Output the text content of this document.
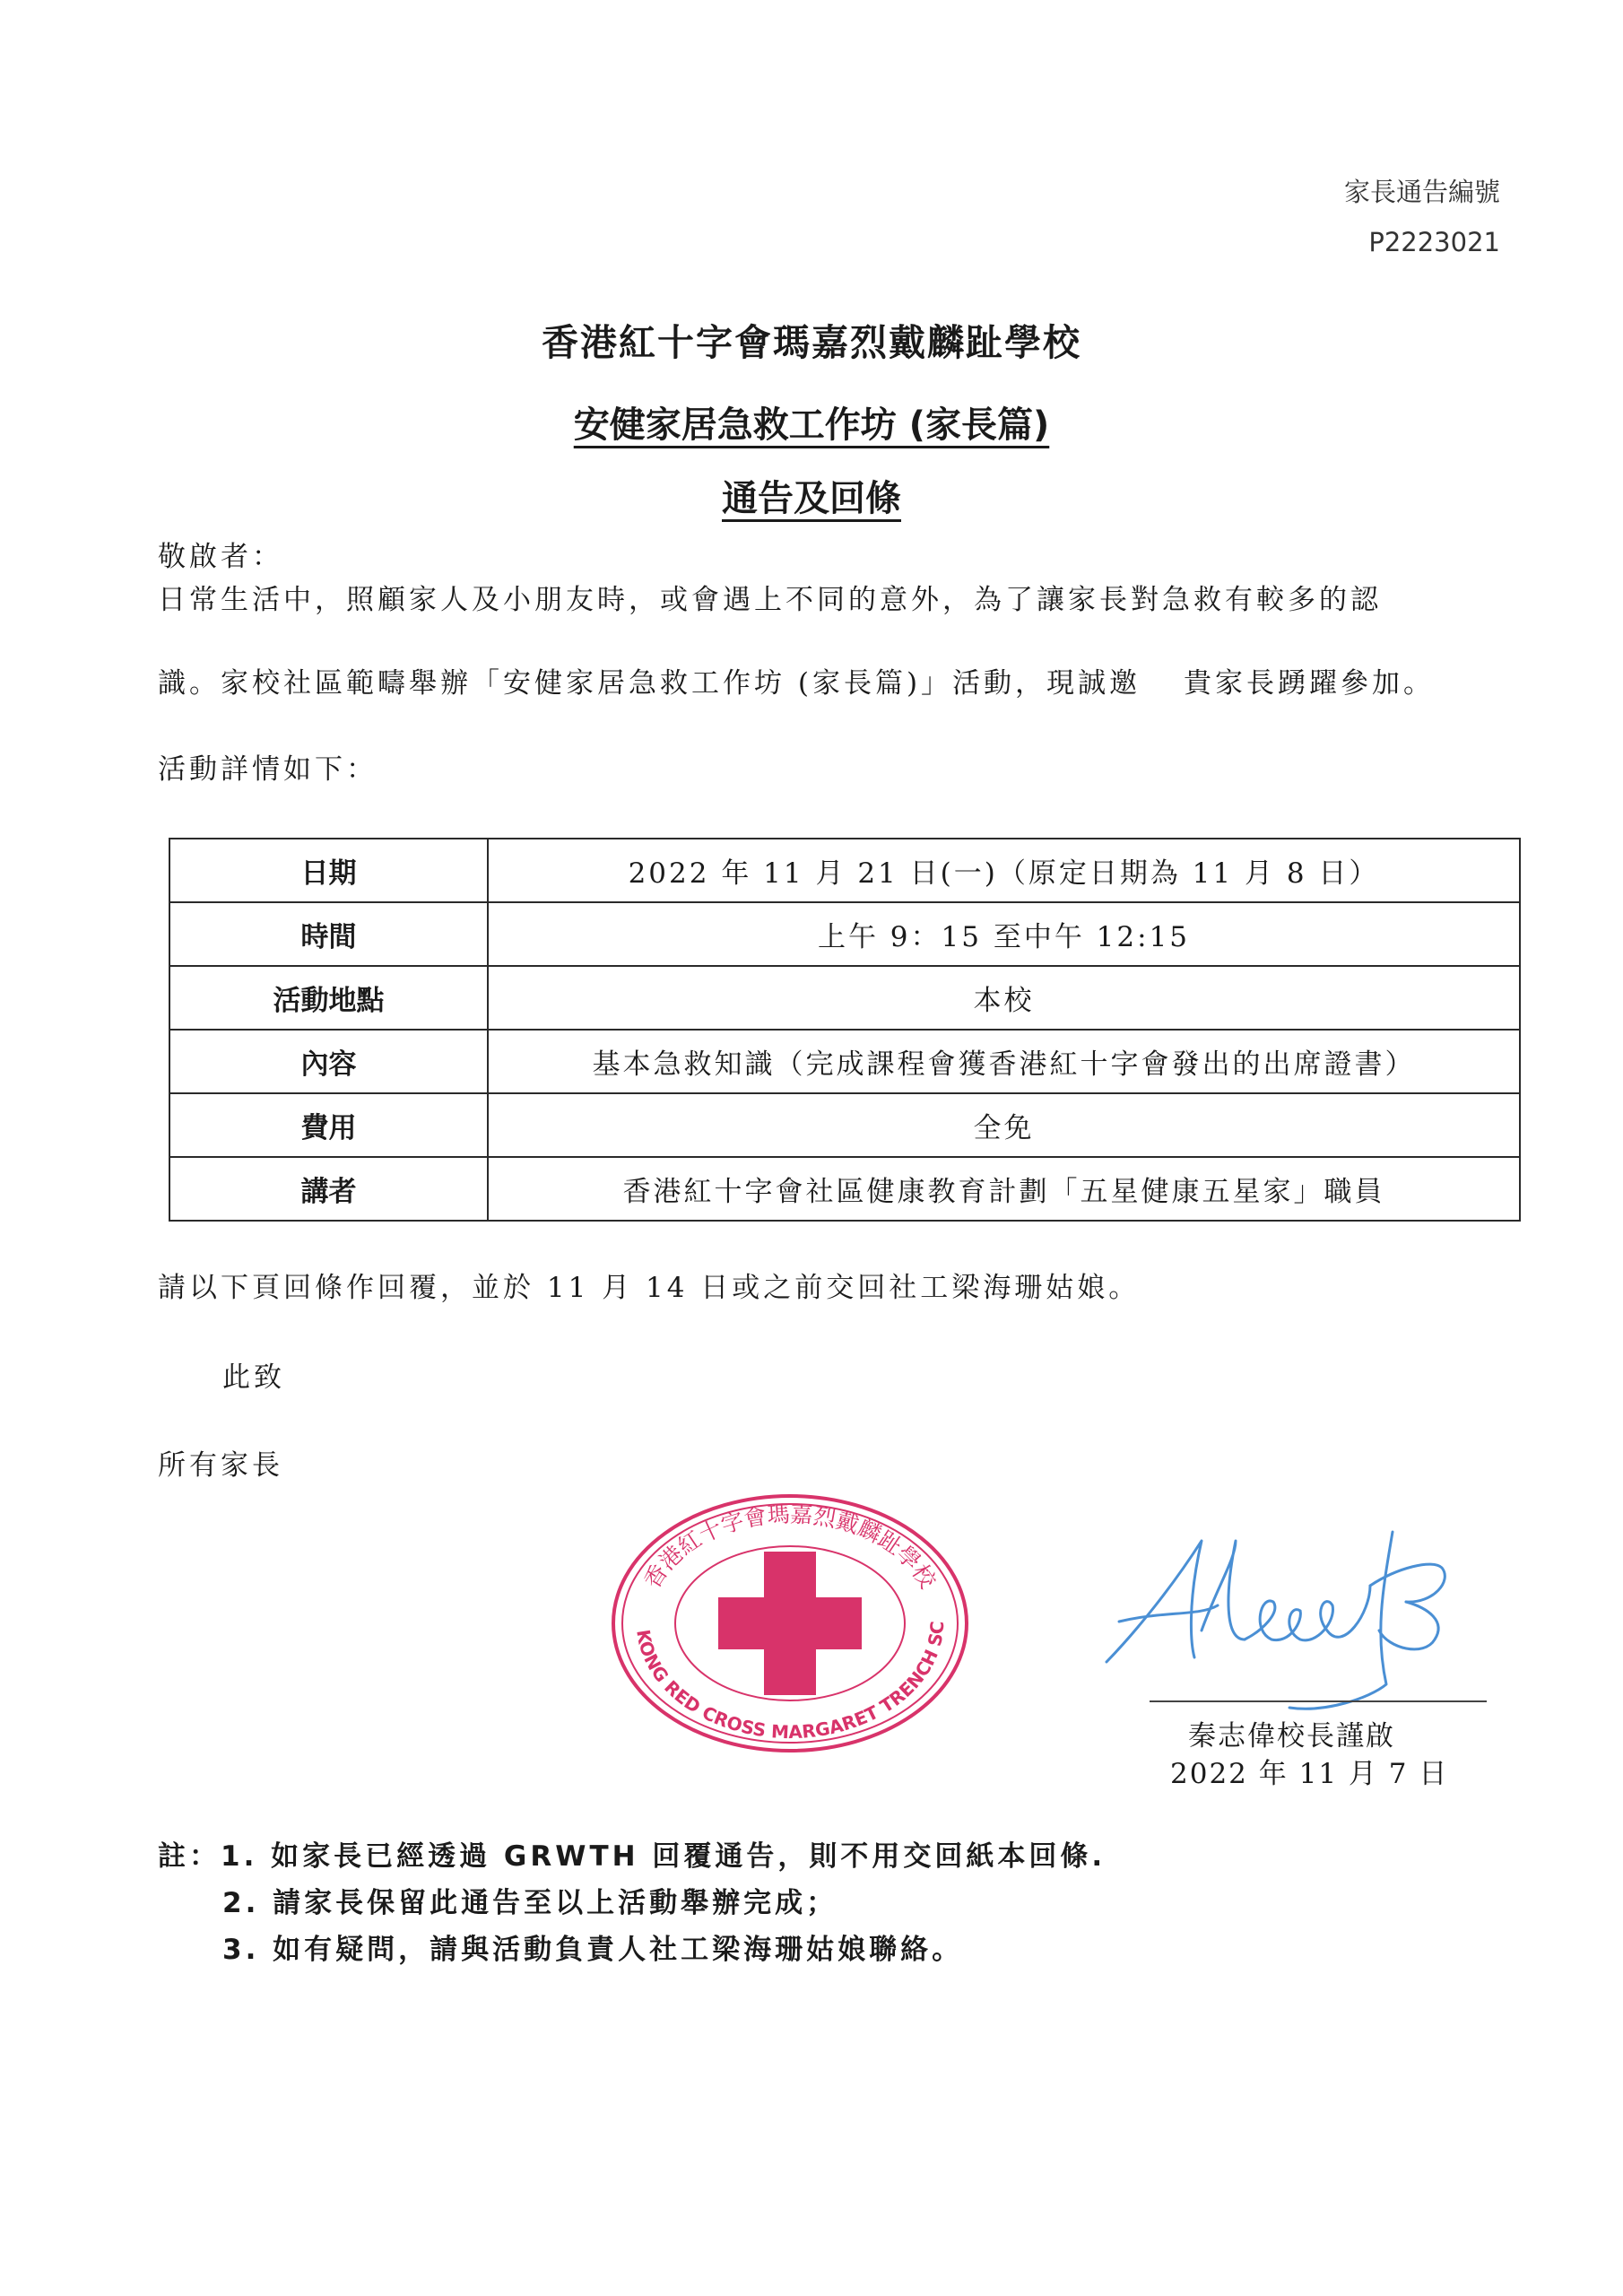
家長通告編號
P2223021
香港紅十字會瑪嘉烈戴麟趾學校
安健家居急救工作坊 (家長篇)
通告及回條
敬啟者：
日常生活中，照顧家人及小朋友時，或會遇上不同的意外，為了讓家長對急救有較多的認
識。家校社區範疇舉辦「安健家居急救工作坊 (家長篇)」活動，現誠邀 貴家長踴躍參加。
活動詳情如下：
日期	2022 年 11 月 21 日(一)（原定日期為 11 月 8 日）
時間	上午 9：15 至中午 12:15
活動地點	本校
內容	基本急救知識（完成課程會獲香港紅十字會發出的出席證書）
費用	全免
講者	香港紅十字會社區健康教育計劃「五星健康五星家」職員
請以下頁回條作回覆，並於 11 月 14 日或之前交回社工梁海珊姑娘。
此致
所有家長
香港紅十字會瑪嘉烈戴麟趾學校
KONG RED CROSS MARGARET TRENCH SC
秦志偉校長謹啟
2022 年 11 月 7 日
註：1. 如家長已經透過 GRWTH 回覆通告，則不用交回紙本回條.
2. 請家長保留此通告至以上活動舉辦完成；
3. 如有疑問，請與活動負責人社工梁海珊姑娘聯絡。
